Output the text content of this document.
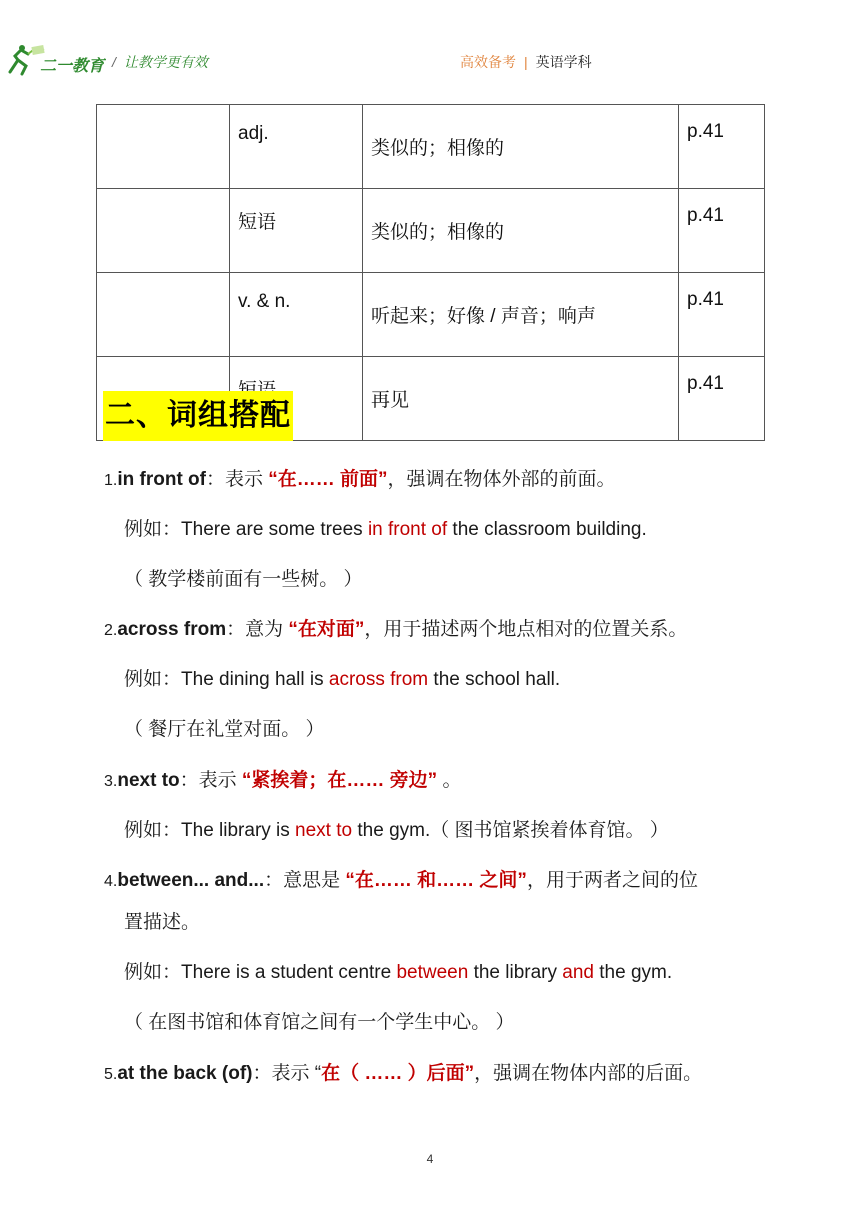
二一教育 / 让教学更有效	高效备考 | 英语学科
	adj.	类似的；相像的	p.41
	短语	类似的；相像的	p.41
	v. & n.	听起来；好像 / 声音；响声	p.41
		再见	p.41
二、词组搭配
1.in front of：表示 “在…… 前面”，强调在物体外部的前面。
例如：There are some trees in front of the classroom building.
（ 教学楼前面有一些树。 ）
2.across from：意为 “在对面”，用于描述两个地点相对的位置关系。
例如：The dining hall is across from the school hall.
（ 餐厅在礼堂对面。 ）
3.next to：表示 “紧挨着；在…… 旁边” 。
例如：The library is next to the gym.（ 图书馆紧挨着体育馆。 ）
4.between... and...：意思是 “在…… 和…… 之间”，用于两者之间的位
置描述。
例如：There is a student centre between the library and the gym.
（ 在图书馆和体育馆之间有一个学生中心。 ）
5.at the back (of)：表示 “在（ …… ）后面”，强调在物体内部的后面。
4
